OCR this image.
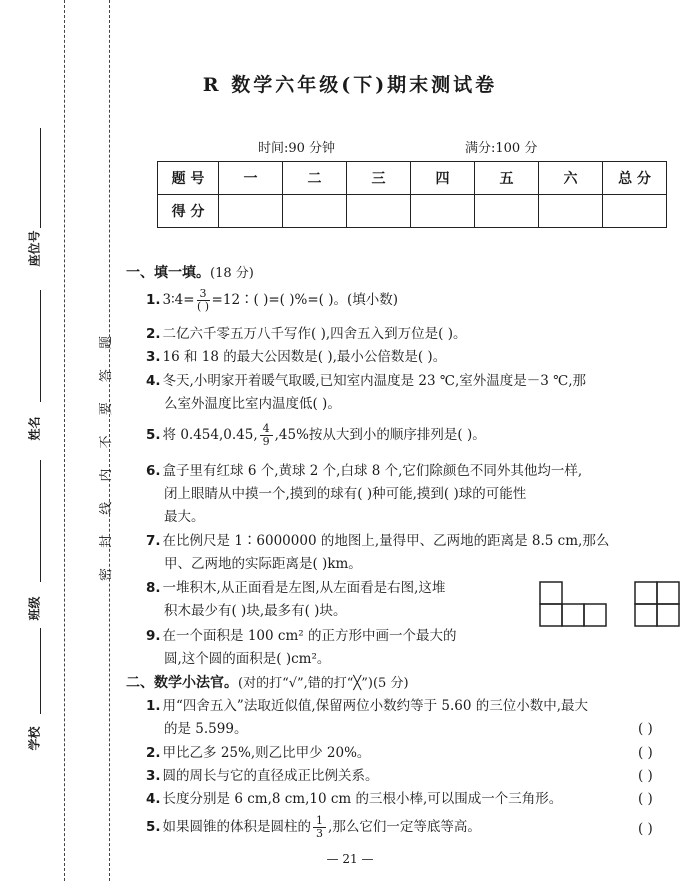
座位号
姓名
班级
学校
密 封 线 内 不 要 答 题
R 数学六年级(下)期末测试卷
时间:90 分钟	满分:100 分
题 号	一	二	三	四	五	六	总 分
得 分							
一、填一填。(18 分)
1. 3∶4= $\frac{3}{( )}$ =12∶( )=( )%=( )。(填小数)
2. 二亿六千零五万八千写作( ),四舍五入到万位是( )。
3. 16 和 18 的最大公因数是( ),最小公倍数是( )。
4. 冬天,小明家开着暖气取暖,已知室内温度是 23 ℃,室外温度是－3 ℃,那
么室外温度比室内温度低( )。
5. 将 0.454,0.45̇, $\frac{4}{9} ,45\%$按从大到小的顺序排列是( )。
6. 盒子里有红球 6 个,黄球 2 个,白球 8 个,它们除颜色不同外其他均一样,
闭上眼睛从中摸一个,摸到的球有( )种可能,摸到( )球的可能性
最大。
7. 在比例尺是 1∶6000000 的地图上,量得甲、乙两地的距离是 8.5 cm,那么
甲、乙两地的实际距离是( )km。
8. 一堆积木,从正面看是左图,从左面看是右图,这堆
积木最少有( )块,最多有( )块。
9. 在一个面积是 100 cm² 的正方形中画一个最大的
圆,这个圆的面积是( )cm²。
二、数学小法官。(对的打“√”,错的打“╳”)(5 分)
1. 用“四舍五入”法取近似值,保留两位小数约等于 5.60 的三位小数中,最大
的是 5.599。	( )
2. 甲比乙多 25%,则乙比甲少 20%。	( )
3. 圆的周长与它的直径成正比例关系。	( )
4. 长度分别是 6 cm,8 cm,10 cm 的三根小棒,可以围成一个三角形。	( )
5. 如果圆锥的体积是圆柱的 $\frac{1}{3}$ ,那么它们一定等底等高。	( )
— 21 —
